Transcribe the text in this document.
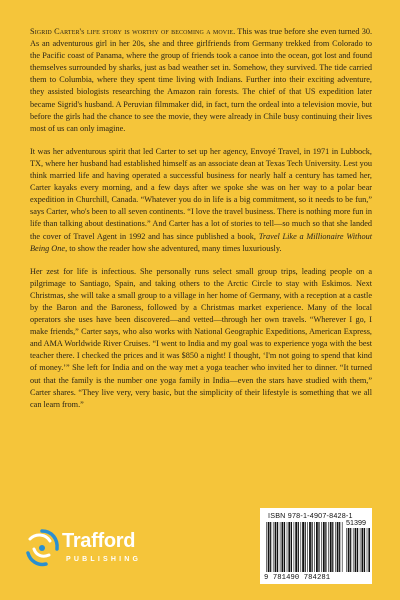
Sigrid Carter's life story is worthy of becoming a movie. This was true before she even turned 30. As an adventurous girl in her 20s, she and three girlfriends from Germany trekked from Colorado to the Pacific coast of Panama, where the group of friends took a canoe into the ocean, got lost and found themselves surrounded by sharks, just as bad weather set in. Somehow, they survived. The tide carried them to Columbia, where they spent time living with Indians. Further into their exciting adventure, they assisted biologists researching the Amazon rain forests. The chief of that US expedition later became Sigrid's husband. A Peruvian filmmaker did, in fact, turn the ordeal into a television movie, but before the girls had the chance to see the movie, they were already in Chile busy continuing their lives most of us can only imagine.

It was her adventurous spirit that led Carter to set up her agency, Envoyé Travel, in 1971 in Lubbock, TX, where her husband had established himself as an associate dean at Texas Tech University. Lest you think married life and having operated a successful business for nearly half a century has tamed her, Carter kayaks every morning, and a few days after we spoke she was on her way to a polar bear expedition in Churchill, Canada. “Whatever you do in life is a big commitment, so it needs to be fun,” says Carter, who's been to all seven continents. “I love the travel business. There is nothing more fun in life than talking about destinations.” And Carter has a lot of stories to tell—so much so that she landed the cover of Travel Agent in 1992 and has since published a book, Travel Like a Millionaire Without Being One, to show the reader how she adventured, many times luxuriously.

Her zest for life is infectious. She personally runs select small group trips, leading people on a pilgrimage to Santiago, Spain, and taking others to the Arctic Circle to stay with Eskimos. Next Christmas, she will take a small group to a village in her home of Germany, with a reception at a castle by the Baron and the Baroness, followed by a Christmas market experience. Many of the local operators she uses have been discovered—and vetted—through her own travels. “Wherever I go, I make friends,” Carter says, who also works with National Geographic Expeditions, American Express, and AMA Worldwide River Cruises. “I went to India and my goal was to experience yoga with the best teacher there. I checked the prices and it was $850 a night! I thought, ‘I'm not going to spend that kind of money.’” She left for India and on the way met a yoga teacher who invited her to dinner. “It turned out that the family is the number one yoga family in India—even the stars have studied with them,” Carter shares. “They live very, very basic, but the simplicity of their lifestyle is something that we all can learn from.”

Trafford
PUBLISHING
ISBN 978-1-4907-8428-1
51399
9 781490 784281
